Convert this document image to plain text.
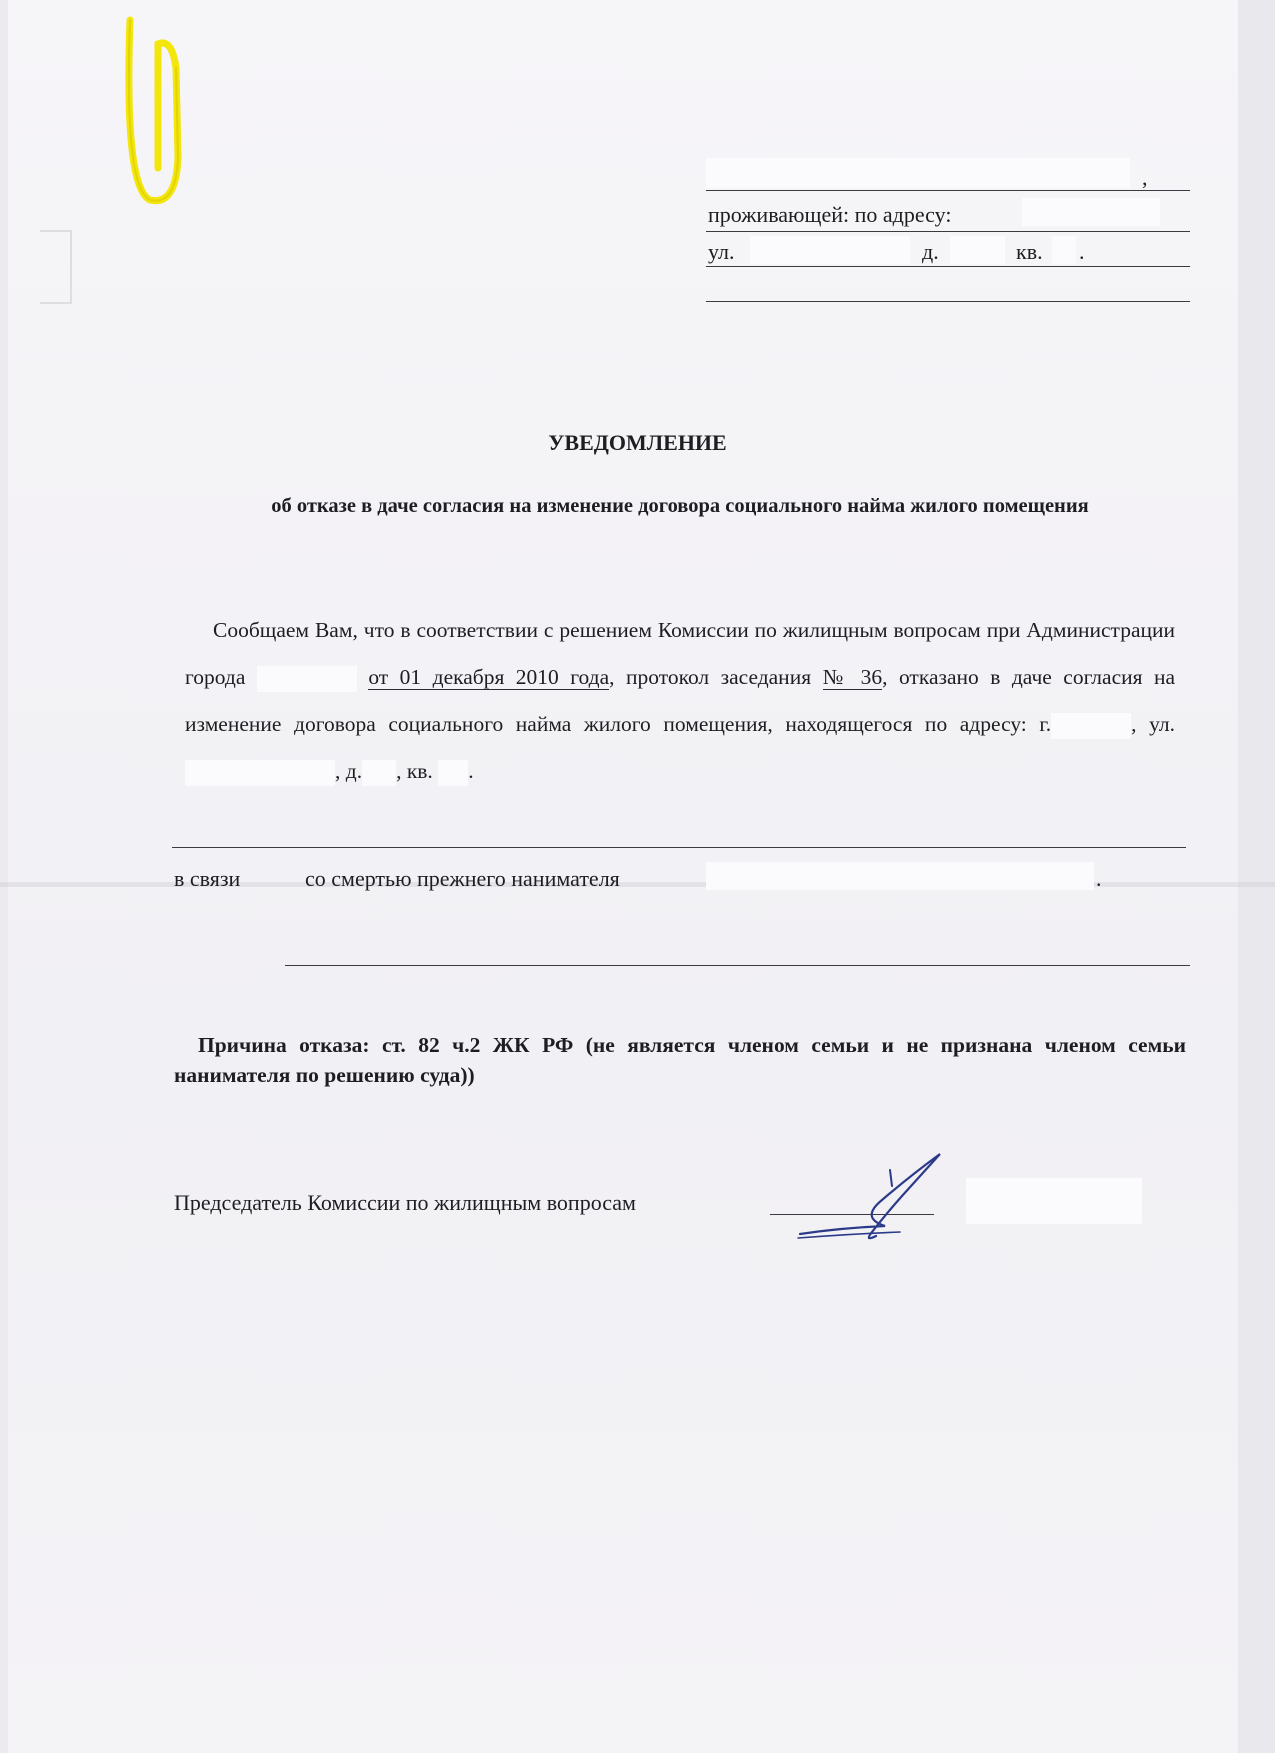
,
проживающей: по адресу:
ул.	д.	кв. .
УВЕДОМЛЕНИЕ
об отказе в даче согласия на изменение договора социального найма жилого помещения

Сообщаем Вам, что в соответствии с решением Комиссии по жилищным вопросам при Администрации города	от 01 декабря 2010 года, протокол заседания № 36, отказано в даче согласия на изменение договора социального найма жилого помещения, находящегося по адресу: г.	, ул. , д. , кв. .

в связи	со смертью прежнего нанимателя	.
Причина отказа: ст. 82 ч.2 ЖК РФ (не является членом семьи и не признана членом семьи нанимателя по решению суда))
Председатель Комиссии по жилищным вопросам
